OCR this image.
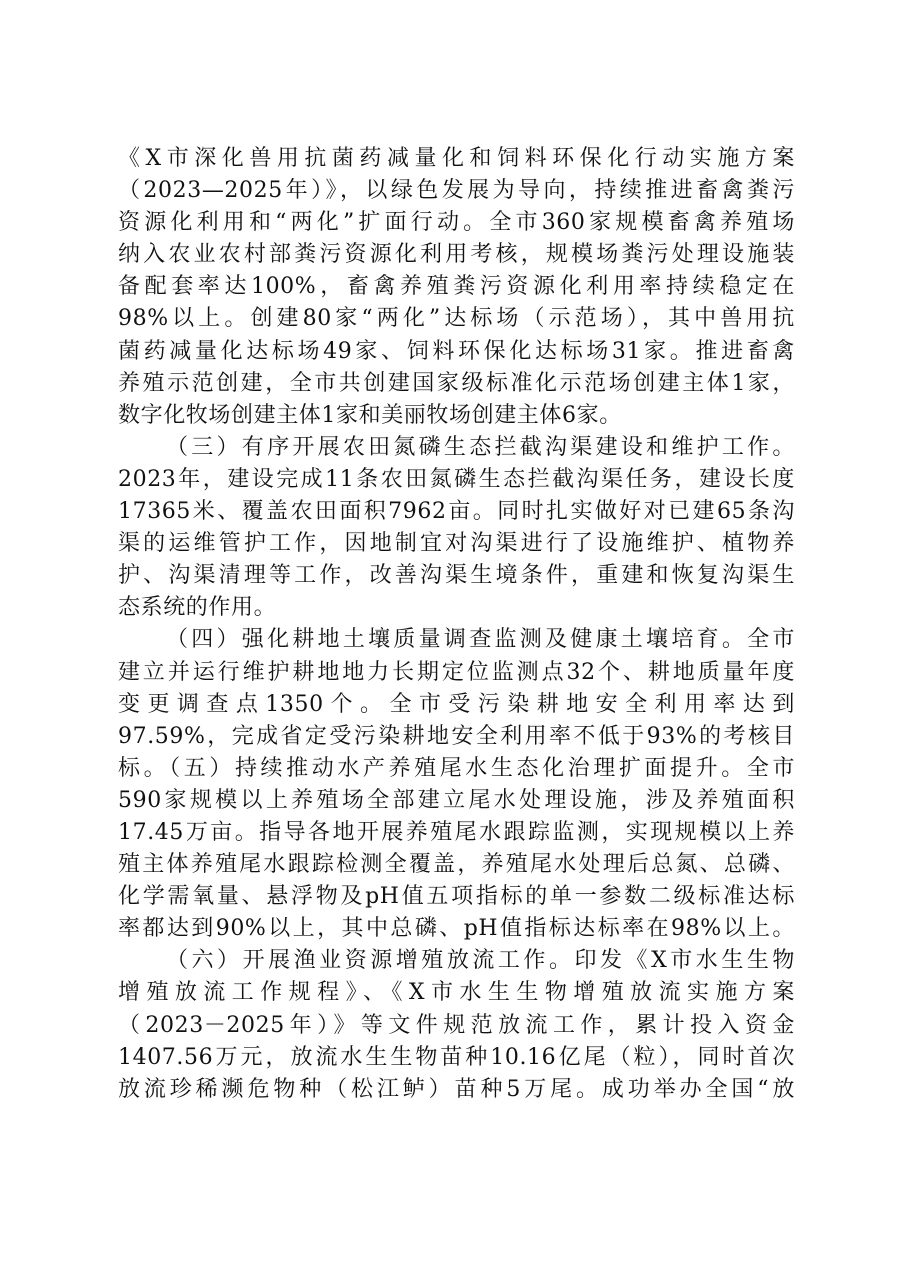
《X市深化兽用抗菌药减量化和饲料环保化行动实施方案
（2023—2025年）》，以绿色发展为导向，持续推进畜禽粪污
资源化利用和“两化”扩面行动。全市360家规模畜禽养殖场
纳入农业农村部粪污资源化利用考核，规模场粪污处理设施装
备配套率达100%，畜禽养殖粪污资源化利用率持续稳定在
98%以上。创建80家“两化”达标场（示范场），其中兽用抗
菌药减量化达标场49家、饲料环保化达标场31家。推进畜禽
养殖示范创建，全市共创建国家级标准化示范场创建主体1家，
数字化牧场创建主体1家和美丽牧场创建主体6家。
（三）有序开展农田氮磷生态拦截沟渠建设和维护工作。
2023年，建设完成11条农田氮磷生态拦截沟渠任务，建设长度
17365米、覆盖农田面积7962亩。同时扎实做好对已建65条沟
渠的运维管护工作，因地制宜对沟渠进行了设施维护、植物养
护、沟渠清理等工作，改善沟渠生境条件，重建和恢复沟渠生
态系统的作用。
（四）强化耕地土壤质量调查监测及健康土壤培育。全市
建立并运行维护耕地地力长期定位监测点32个、耕地质量年度
变更调查点1350个。全市受污染耕地安全利用率达到
97.59%，完成省定受污染耕地安全利用率不低于93%的考核目
标。（五）持续推动水产养殖尾水生态化治理扩面提升。全市
590家规模以上养殖场全部建立尾水处理设施，涉及养殖面积
17.45万亩。指导各地开展养殖尾水跟踪监测，实现规模以上养
殖主体养殖尾水跟踪检测全覆盖，养殖尾水处理后总氮、总磷、
化学需氧量、悬浮物及pH值五项指标的单一参数二级标准达标
率都达到90%以上，其中总磷、pH值指标达标率在98%以上。
（六）开展渔业资源增殖放流工作。印发《X市水生生物
增殖放流工作规程》、《X市水生生物增殖放流实施方案
（2023－2025年）》等文件规范放流工作，累计投入资金
1407.56万元，放流水生生物苗种10.16亿尾（粒），同时首次
放流珍稀濒危物种（松江鲈）苗种5万尾。成功举办全国“放
